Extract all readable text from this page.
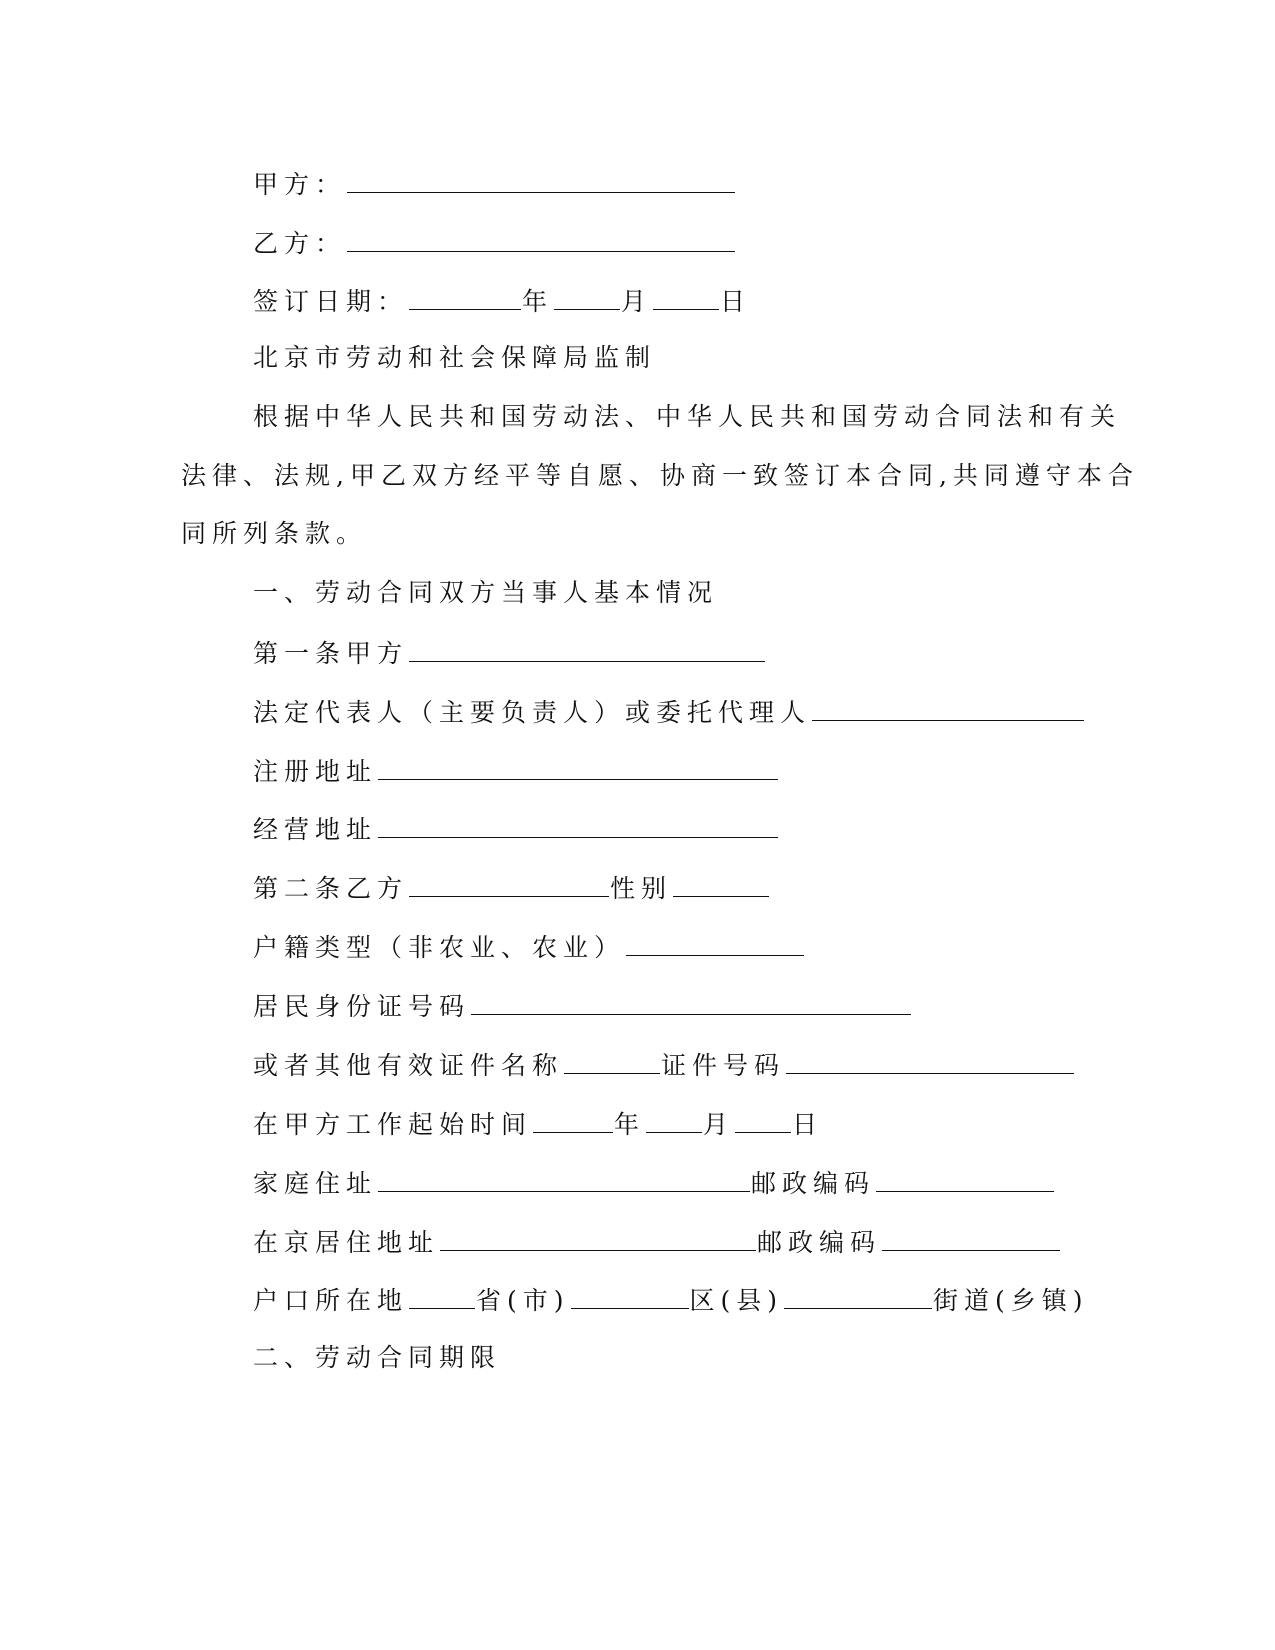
甲方：
乙方：
签订日期：	年	月	日
北京市劳动和社会保障局监制
根据中华人民共和国劳动法、中华人民共和国劳动合同法和有关
法律、法规,甲乙双方经平等自愿、协商一致签订本合同,共同遵守本合
同所列条款。
一、劳动合同双方当事人基本情况
第一条甲方
法定代表人（主要负责人）或委托代理人
注册地址
经营地址
第二条乙方	性别
户籍类型（非农业、农业）
居民身份证号码
或者其他有效证件名称	证件号码
在甲方工作起始时间	年 月 日
家庭住址	邮政编码
在京居住地址	邮政编码
户口所在地	省(市)	区(县)	街道(乡镇)
二、劳动合同期限
